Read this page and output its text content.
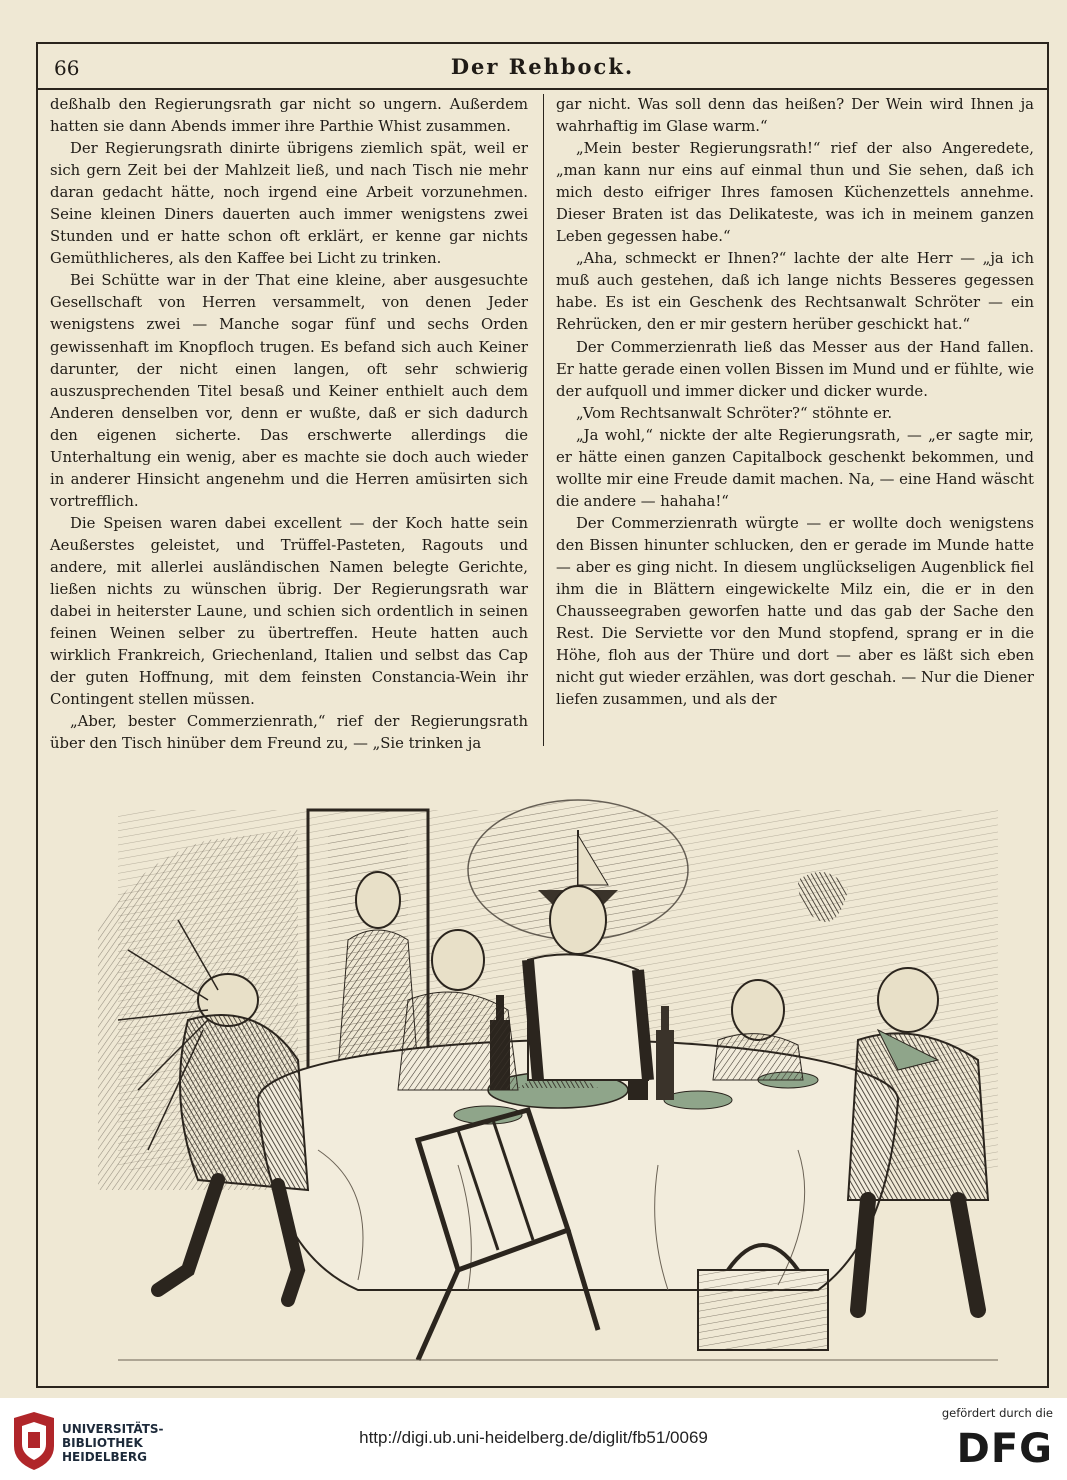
66	Der Rehbock.

deßhalb den Regierungsrath gar nicht so ungern. Außerdem hatten sie dann Abends immer ihre Parthie Whist zusammen.

Der Regierungsrath dinirte übrigens ziemlich spät, weil er sich gern Zeit bei der Mahlzeit ließ, und nach Tisch nie mehr daran gedacht hätte, noch irgend eine Arbeit vorzunehmen. Seine kleinen Diners dauerten auch immer wenigstens zwei Stunden und er hatte schon oft erklärt, er kenne gar nichts Gemüthlicheres, als den Kaffee bei Licht zu trinken.

Bei Schütte war in der That eine kleine, aber ausgesuchte Gesellschaft von Herren versammelt, von denen Jeder wenigstens zwei — Manche sogar fünf und sechs Orden gewissenhaft im Knopfloch trugen. Es befand sich auch Keiner darunter, der nicht einen langen, oft sehr schwierig auszusprechenden Titel besaß und Keiner enthielt auch dem Anderen denselben vor, denn er wußte, daß er sich dadurch den eigenen sicherte. Das erschwerte allerdings die Unterhaltung ein wenig, aber es machte sie doch auch wieder in anderer Hinsicht angenehm und die Herren amüsirten sich vortrefflich.

Die Speisen waren dabei excellent — der Koch hatte sein Aeußerstes geleistet, und Trüffel-Pasteten, Ragouts und andere, mit allerlei ausländischen Namen belegte Gerichte, ließen nichts zu wünschen übrig. Der Regierungsrath war dabei in heiterster Laune, und schien sich ordentlich in seinen feinen Weinen selber zu übertreffen. Heute hatten auch wirklich Frankreich, Griechenland, Italien und selbst das Cap der guten Hoffnung, mit dem feinsten Constancia-Wein ihr Contingent stellen müssen.

„Aber, bester Commerzienrath,“ rief der Regierungsrath über den Tisch hinüber dem Freund zu, — „Sie trinken ja

gar nicht. Was soll denn das heißen? Der Wein wird Ihnen ja wahrhaftig im Glase warm.“

„Mein bester Regierungsrath!“ rief der also Angeredete, „man kann nur eins auf einmal thun und Sie sehen, daß ich mich desto eifriger Ihres famosen Küchenzettels annehme. Dieser Braten ist das Delikateste, was ich in meinem ganzen Leben gegessen habe.“

„Aha, schmeckt er Ihnen?“ lachte der alte Herr — „ja ich muß auch gestehen, daß ich lange nichts Besseres gegessen habe. Es ist ein Geschenk des Rechtsanwalt Schröter — ein Rehrücken, den er mir gestern herüber geschickt hat.“

Der Commerzienrath ließ das Messer aus der Hand fallen. Er hatte gerade einen vollen Bissen im Mund und er fühlte, wie der aufquoll und immer dicker und dicker wurde.

„Vom Rechtsanwalt Schröter?“ stöhnte er.

„Ja wohl,“ nickte der alte Regierungsrath, — „er sagte mir, er hätte einen ganzen Capitalbock geschenkt bekommen, und wollte mir eine Freude damit machen. Na, — eine Hand wäscht die andere — hahaha!“

Der Commerzienrath würgte — er wollte doch wenigstens den Bissen hinunter schlucken, den er gerade im Munde hatte — aber es ging nicht. In diesem unglückseligen Augenblick fiel ihm die in Blättern eingewickelte Milz ein, die er in den Chausseegraben geworfen hatte und das gab der Sache den Rest. Die Serviette vor den Mund stopfend, sprang er in die Höhe, floh aus der Thüre und dort — aber es läßt sich eben nicht gut wieder erzählen, was dort geschah. — Nur die Diener liefen zusammen, und als der

UNIVERSITÄTS-
BIBLIOTHEK
HEIDELBERG
http://digi.ub.uni-heidelberg.de/diglit/fb51/0069
gefördert durch die
DFG
